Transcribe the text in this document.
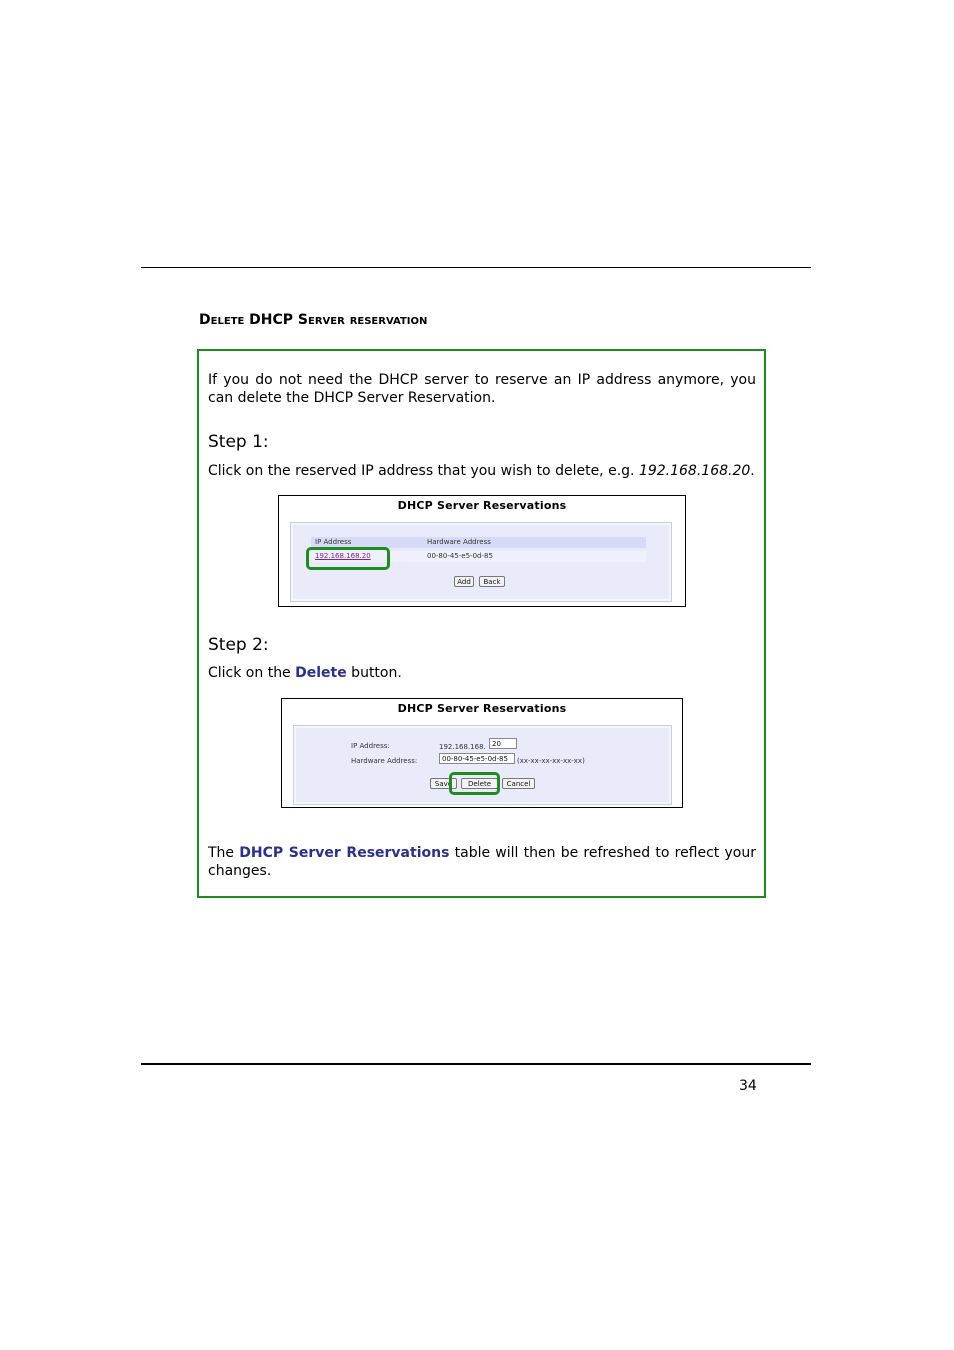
Delete DHCP Server reservation
If you do not need the DHCP server to reserve an IP address anymore, you can delete the DHCP Server Reservation.
Step 1:
Click on the reserved IP address that you wish to delete, e.g. 192.168.168.20.
DHCP Server Reservations
IP Address	Hardware Address
192.168.168.20	00-80-45-e5-0d-85
Add	Back
Step 2:
Click on the Delete button.
DHCP Server Reservations
IP Address:	192.168.168. 20
Hardware Address:	00-80-45-e5-0d-85	(xx-xx-xx-xx-xx-xx)
Save	Delete	Cancel
The DHCP Server Reservations table will then be refreshed to reflect your changes.
34
